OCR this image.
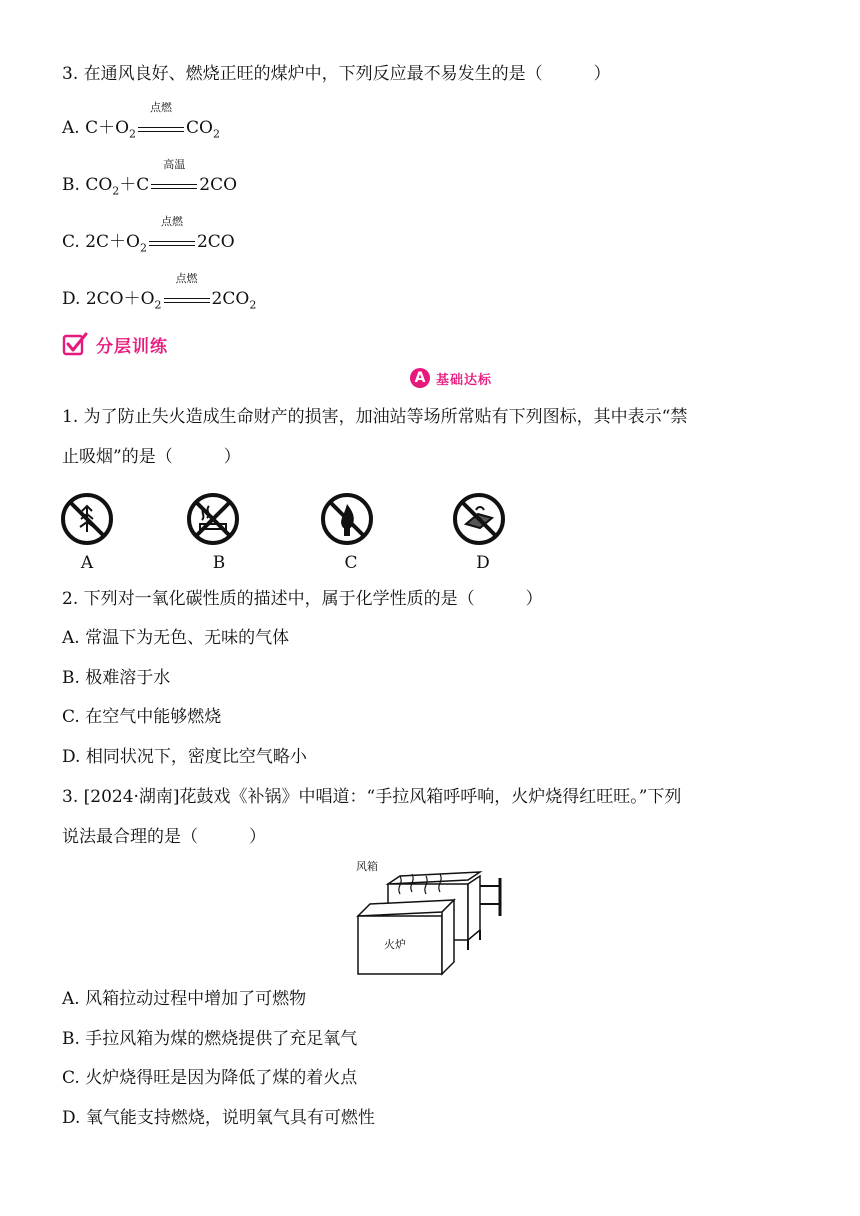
3. 在通风良好、燃烧正旺的煤炉中，下列反应最不易发生的是（　　　）
A. $C+O_2$
点燃
$CO_2$
B. $CO_2+C$
高温
2CO
C. $2C+O_2$
点燃
2CO
D. $2CO+O_2$
点燃
$2CO_2$
分层训练
A 基础达标
1. 为了防止失火造成生命财产的损害，加油站等场所常贴有下列图标，其中表示“禁
止吸烟”的是（　　　）
A	B	C	D
2. 下列对一氧化碳性质的描述中，属于化学性质的是（　　　）
A. 常温下为无色、无味的气体
B. 极难溶于水
C. 在空气中能够燃烧
D. 相同状况下，密度比空气略小
3. [2024·湖南]花鼓戏《补锅》中唱道：“手拉风箱呼呼响，火炉烧得红旺旺。”下列
说法最合理的是（　　　）
风箱
火炉
A. 风箱拉动过程中增加了可燃物
B. 手拉风箱为煤的燃烧提供了充足氧气
C. 火炉烧得旺是因为降低了煤的着火点
D. 氧气能支持燃烧，说明氧气具有可燃性
